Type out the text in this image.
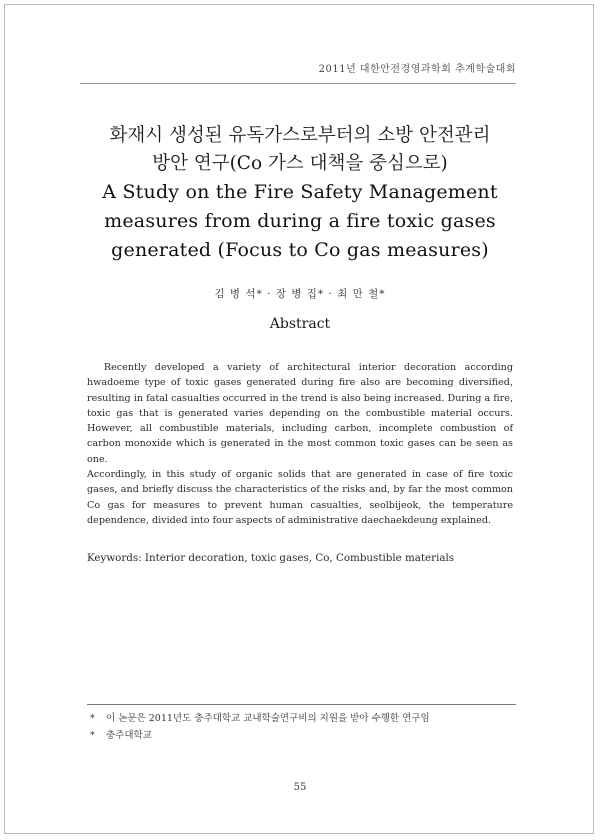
2011년 대한안전경영과학회 추계학술대회
화재시 생성된 유독가스로부터의 소방 안전관리
방안 연구(Co 가스 대책을 중심으로)
A Study on the Fire Safety Management
measures from during a fire toxic gases
generated (Focus to Co gas measures)
김 병 석* · 장 병 집* · 최 만 철*
Abstract

Recently developed a variety of architectural interior decoration according hwadoeme type of toxic gases generated during fire also are becoming diversified, resulting in fatal casualties occurred in the trend is also being increased. During a fire, toxic gas that is generated varies depending on the combustible material occurs. However, all combustible materials, including carbon, incomplete combustion of carbon monoxide which is generated in the most common toxic gases can be seen as one.

Accordingly, in this study of organic solids that are generated in case of fire toxic gases, and briefly discuss the characteristics of the risks and, by far the most common Co gas for measures to prevent human casualties, seolbijeok, the temperature dependence, divided into four aspects of administrative daechaekdeung explained.

Keywords: Interior decoration, toxic gases, Co, Combustible materials
* 이 논문은 2011년도 충주대학교 교내학술연구비의 지원을 받아 수행한 연구임
* 충주대학교
55
